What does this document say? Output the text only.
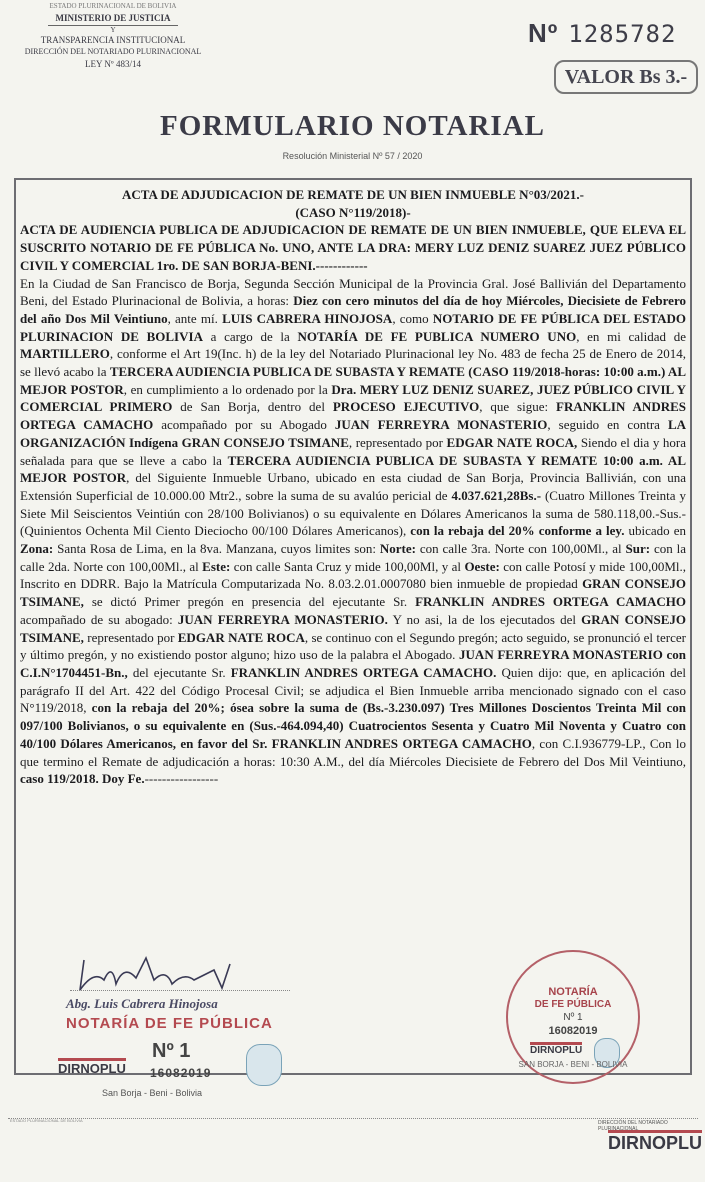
ESTADO PLURINACIONAL DE BOLIVIA
MINISTERIO DE JUSTICIA
Y
TRANSPARENCIA INSTITUCIONAL
DIRECCIÓN DEL NOTARIADO PLURINACIONAL
LEY Nº 483/14
Nº 1285782
VALOR Bs 3.-
FORMULARIO NOTARIAL
Resolución Ministerial Nº 57 / 2020

ACTA DE ADJUDICACION DE REMATE DE UN BIEN INMUEBLE N°03/2021.-

(CASO N°119/2018)-

ACTA DE AUDIENCIA PUBLICA DE ADJUDICACION DE REMATE DE UN BIEN INMUEBLE, QUE ELEVA EL SUSCRITO NOTARIO DE FE PÚBLICA No. UNO, ANTE LA DRA: MERY LUZ DENIZ SUAREZ JUEZ PÚBLICO CIVIL Y COMERCIAL 1ro. DE SAN BORJA-BENI.------------

En la Ciudad de San Francisco de Borja, Segunda Sección Municipal de la Provincia Gral. José Ballivián del Departamento Beni, del Estado Plurinacional de Bolivia, a horas: Diez con cero minutos del día de hoy Miércoles, Diecisiete de Febrero del año Dos Mil Veintiuno, ante mí. LUIS CABRERA HINOJOSA, como NOTARIO DE FE PÚBLICA DEL ESTADO PLURINACION DE BOLIVIA a cargo de la NOTARÍA DE FE PUBLICA NUMERO UNO, en mi calidad de MARTILLERO, conforme el Art 19(Inc. h) de la ley del Notariado Plurinacional ley No. 483 de fecha 25 de Enero de 2014, se llevó acabo la TERCERA AUDIENCIA PUBLICA DE SUBASTA Y REMATE (CASO 119/2018-horas: 10:00 a.m.) AL MEJOR POSTOR, en cumplimiento a lo ordenado por la Dra. MERY LUZ DENIZ SUAREZ, JUEZ PÚBLICO CIVIL Y COMERCIAL PRIMERO de San Borja, dentro del PROCESO EJECUTIVO, que sigue: FRANKLIN ANDRES ORTEGA CAMACHO acompañado por su Abogado JUAN FERREYRA MONASTERIO, seguido en contra LA ORGANIZACIÓN Indígena GRAN CONSEJO TSIMANE, representado por EDGAR NATE ROCA, Siendo el dia y hora señalada para que se lleve a cabo la TERCERA AUDIENCIA PUBLICA DE SUBASTA Y REMATE 10:00 a.m. AL MEJOR POSTOR, del Siguiente Inmueble Urbano, ubicado en esta ciudad de San Borja, Provincia Ballivián, con una Extensión Superficial de 10.000.00 Mtr2., sobre la suma de su avalúo pericial de 4.037.621,28Bs.- (Cuatro Millones Treinta y Siete Mil Seiscientos Veintiún con 28/100 Bolivianos) o su equivalente en Dólares Americanos la suma de 580.118,00.-Sus.-(Quinientos Ochenta Mil Ciento Dieciocho 00/100 Dólares Americanos), con la rebaja del 20% conforme a ley. ubicado en Zona: Santa Rosa de Lima, en la 8va. Manzana, cuyos limites son: Norte: con calle 3ra. Norte con 100,00Ml., al Sur: con la calle 2da. Norte con 100,00Ml., al Este: con calle Santa Cruz y mide 100,00Ml, y al Oeste: con calle Potosí y mide 100,00Ml., Inscrito en DDRR. Bajo la Matrícula Computarizada No. 8.03.2.01.0007080 bien inmueble de propiedad GRAN CONSEJO TSIMANE, se dictó Primer pregón en presencia del ejecutante Sr. FRANKLIN ANDRES ORTEGA CAMACHO acompañado de su abogado: JUAN FERREYRA MONASTERIO. Y no asi, la de los ejecutados del GRAN CONSEJO TSIMANE, representado por EDGAR NATE ROCA, se continuo con el Segundo pregón; acto seguido, se pronunció el tercer y último pregón, y no existiendo postor alguno; hizo uso de la palabra el Abogado. JUAN FERREYRA MONASTERIO con C.I.N°1704451-Bn., del ejecutante Sr. FRANKLIN ANDRES ORTEGA CAMACHO. Quien dijo: que, en aplicación del parágrafo II del Art. 422 del Código Procesal Civil; se adjudica el Bien Inmueble arriba mencionado signado con el caso N°119/2018, con la rebaja del 20%; ósea sobre la suma de (Bs.-3.230.097) Tres Millones Doscientos Treinta Mil con 097/100 Bolivianos, o su equivalente en (Sus.-464.094,40) Cuatrocientos Sesenta y Cuatro Mil Noventa y Cuatro con 40/100 Dólares Americanos, en favor del Sr. FRANKLIN ANDRES ORTEGA CAMACHO, con C.I.936779-LP., Con lo que termino el Remate de adjudicación a horas: 10:30 A.M., del día Miércoles Diecisiete de Febrero del Dos Mil Veintiuno, caso 119/2018. Doy Fe.-----------------

Abg. Luis Cabrera Hinojosa
NOTARÍA DE FE PÚBLICA
DIRNOPLU
Nº 1
16082019
San Borja - Beni - Bolivia
NOTARÍA
DE FE PÚBLICA
Nº 1
16082019
DIRNOPLU
SAN BORJA - BENI - BOLIVIA
ESTADO PLURINACIONAL DE BOLIVIA	DIRECCIÓN DEL NOTARIADO PLURINACIONAL
DIRNOPLU
